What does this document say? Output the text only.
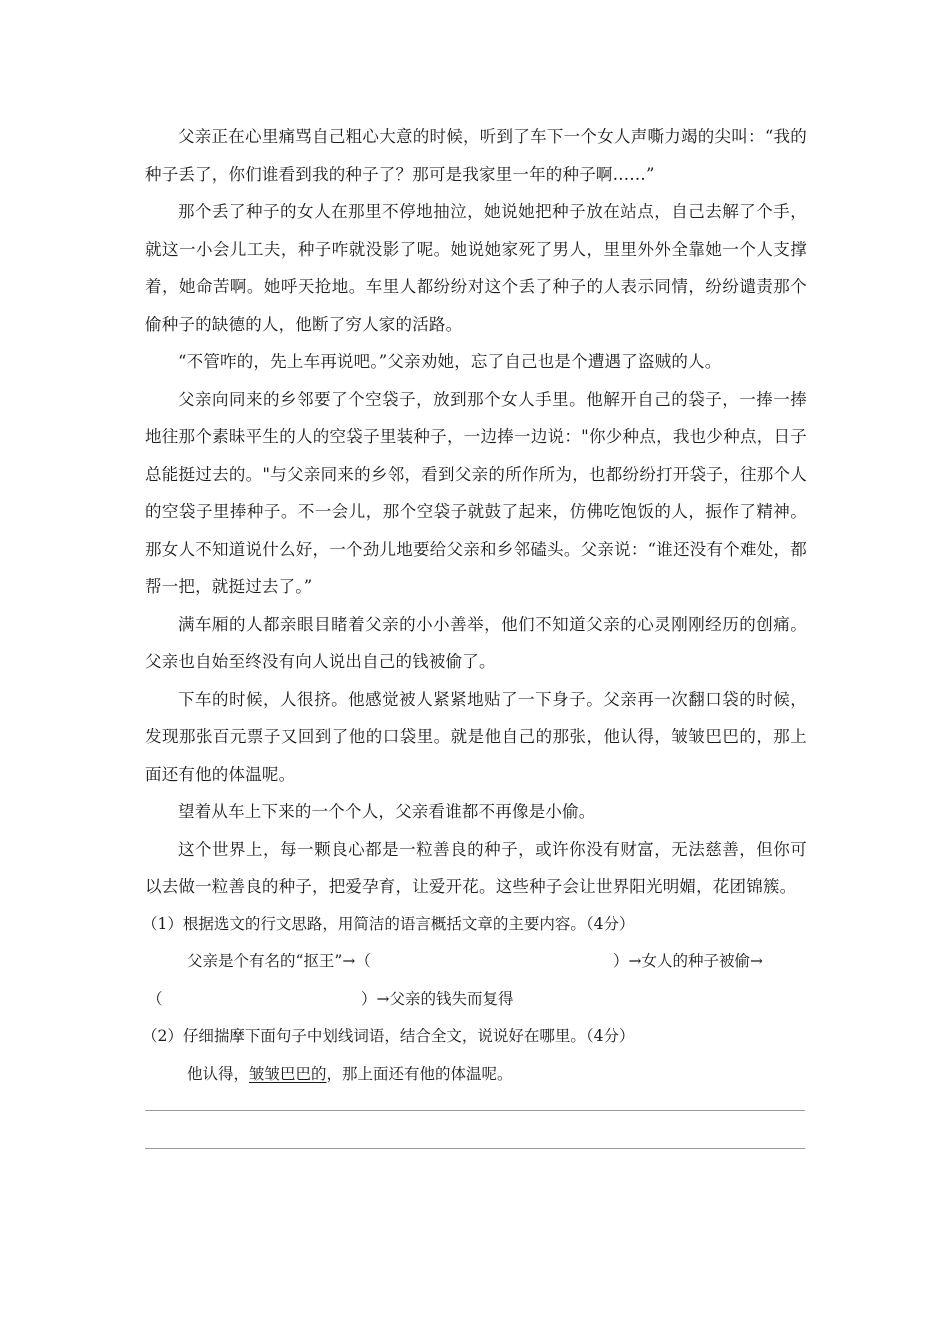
父亲正在心里痛骂自己粗心大意的时候，听到了车下一个女人声嘶力竭的尖叫：“我的种子丢了，你们谁看到我的种子了？那可是我家里一年的种子啊……”

那个丢了种子的女人在那里不停地抽泣，她说她把种子放在站点，自己去解了个手，就这一小会儿工夫，种子咋就没影了呢。她说她家死了男人，里里外外全靠她一个人支撑着，她命苦啊。她呼天抢地。车里人都纷纷对这个丢了种子的人表示同情，纷纷谴责那个偷种子的缺德的人，他断了穷人家的活路。

“不管咋的，先上车再说吧。”父亲劝她，忘了自己也是个遭遇了盗贼的人。

父亲向同来的乡邻要了个空袋子，放到那个女人手里。他解开自己的袋子，一捧一捧地往那个素昧平生的人的空袋子里装种子，一边捧一边说："你少种点，我也少种点，日子总能挺过去的。"与父亲同来的乡邻，看到父亲的所作所为，也都纷纷打开袋子，往那个人的空袋子里捧种子。不一会儿，那个空袋子就鼓了起来，仿佛吃饱饭的人，振作了精神。那女人不知道说什么好，一个劲儿地要给父亲和乡邻磕头。父亲说：“谁还没有个难处，都帮一把，就挺过去了。”

满车厢的人都亲眼目睹着父亲的小小善举，他们不知道父亲的心灵刚刚经历的创痛。父亲也自始至终没有向人说出自己的钱被偷了。

下车的时候，人很挤。他感觉被人紧紧地贴了一下身子。父亲再一次翻口袋的时候，发现那张百元票子又回到了他的口袋里。就是他自己的那张，他认得，皱皱巴巴的，那上面还有他的体温呢。

望着从车上下来的一个个人，父亲看谁都不再像是小偷。

这个世界上，每一颗良心都是一粒善良的种子，或许你没有财富，无法慈善，但你可以去做一粒善良的种子，把爱孕育，让爱开花。这些种子会让世界阳光明媚，花团锦簇。

（1）根据选文的行文思路，用简洁的语言概括文章的主要内容。（4分）

父亲是个有名的“抠王”→（	）→女人的种子被偷→
（	）→父亲的钱失而复得

（2）仔细揣摩下面句子中划线词语，结合全文，说说好在哪里。（4分）

他认得，皱皱巴巴的，那上面还有他的体温呢。
